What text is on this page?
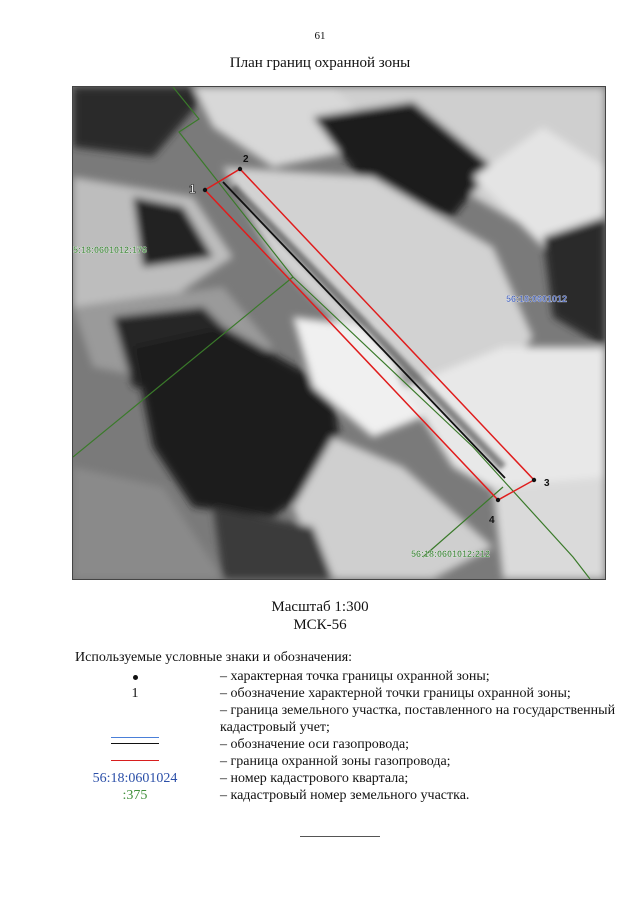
61
План границ охранной зоны
1
2
3
4
5:18:0601012:176
56:18:0601012
56:18:0601012:212
Масштаб 1:300
МСК-56
Используемые условные знаки и обозначения:
– характерная точка границы охранной зоны;
1	– обозначение характерной точки границы охранной зоны;
– граница земельного участка, поставленного на государственный кадастровый учет;
– обозначение оси газопровода;
– граница охранной зоны газопровода;
56:18:0601024	– номер кадастрового квартала;
:375	– кадастровый номер земельного участка.
